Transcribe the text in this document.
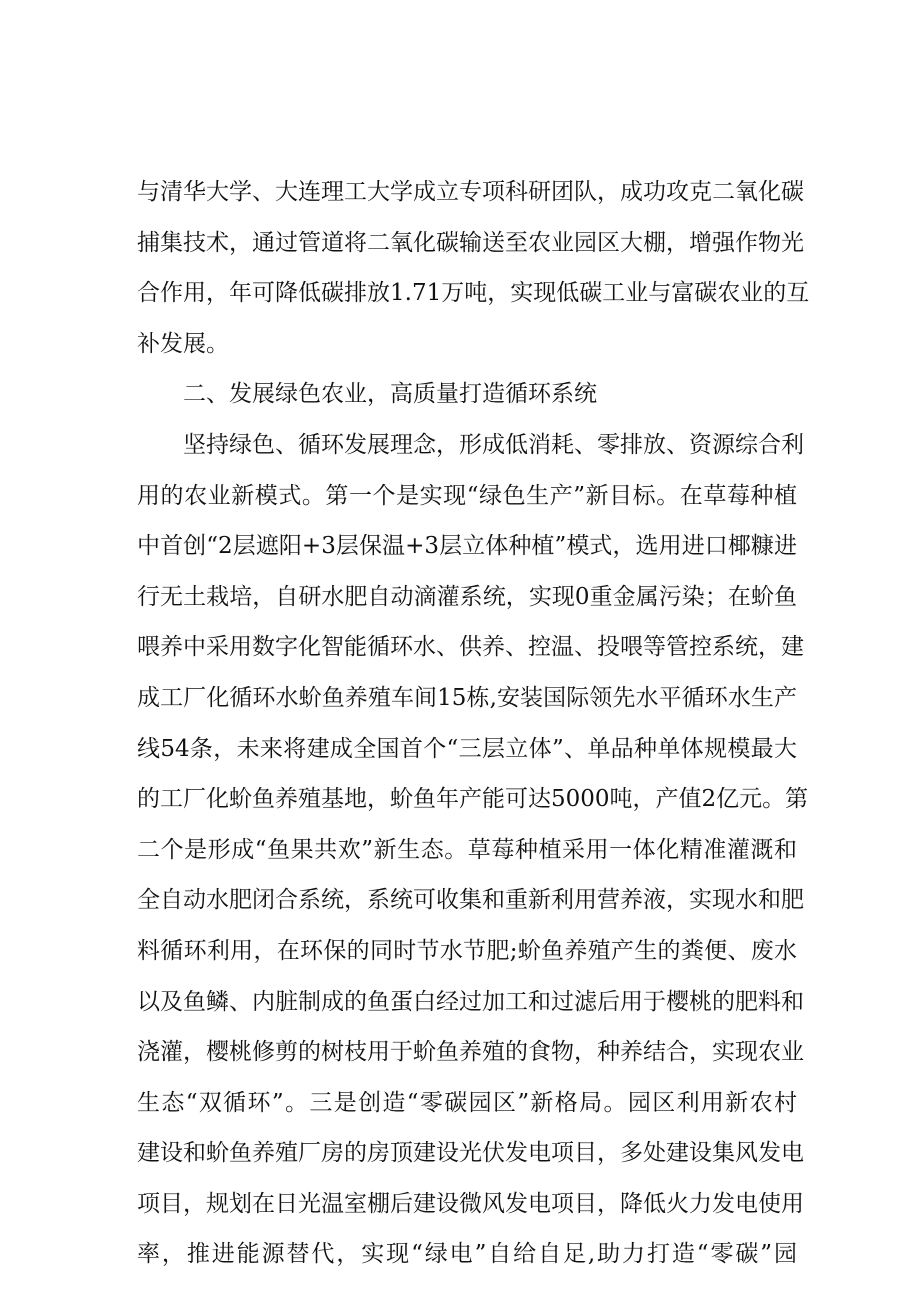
与清华大学、大连理工大学成立专项科研团队，成功攻克二氧化碳
捕集技术，通过管道将二氧化碳输送至农业园区大棚，增强作物光
合作用，年可降低碳排放1.71万吨，实现低碳工业与富碳农业的互
补发展。
二、发展绿色农业，高质量打造循环系统
坚持绿色、循环发展理念，形成低消耗、零排放、资源综合利
用的农业新模式。第一个是实现“绿色生产”新目标。在草莓种植
中首创“2层遮阳+3层保温+3层立体种植”模式，选用进口椰糠进
行无土栽培，自研水肥自动滴灌系统，实现0重金属污染；在蚧鱼
喂养中采用数字化智能循环水、供养、控温、投喂等管控系统，建
成工厂化循环水蚧鱼养殖车间15栋,安装国际领先水平循环水生产
线54条，未来将建成全国首个“三层立体”、单品种单体规模最大
的工厂化蚧鱼养殖基地，蚧鱼年产能可达5000吨，产值2亿元。第
二个是形成“鱼果共欢”新生态。草莓种植采用一体化精准灌溉和
全自动水肥闭合系统，系统可收集和重新利用营养液，实现水和肥
料循环利用，在环保的同时节水节肥;蚧鱼养殖产生的粪便、废水
以及鱼鳞、内脏制成的鱼蛋白经过加工和过滤后用于樱桃的肥料和
浇灌，樱桃修剪的树枝用于蚧鱼养殖的食物，种养结合，实现农业
生态“双循环”。三是创造“零碳园区”新格局。园区利用新农村
建设和蚧鱼养殖厂房的房顶建设光伏发电项目，多处建设集风发电
项目，规划在日光温室棚后建设微风发电项目，降低火力发电使用
率，推进能源替代，实现“绿电”自给自足,助力打造“零碳”园
